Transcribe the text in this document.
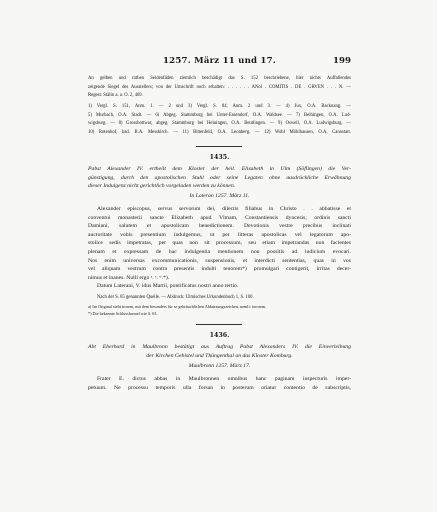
1257. März 11 und 17.	199

An gelben und rothen Seidenfäden ziemlich beschädigt das S. 152 beschriebene, hier nichts Auffallendes

zeigende Siegel des Ausstellers; von der Umschrift noch erhalten: . . . . . . ANol . COMITIS . DE . GRVEN . . . N. —

Regest: Stälin a. a. O. 2, 469.

1) Vergl. S. 151, Anm. 1. — 2 und 3) Vergl. S. 84, Anm. 2 und 3. — 4) Jux, O.A. Backnang. —

5) Murbach, O.A. Stadt. — 6) Abgeg. Stammburg bei Unter-Essendorf, O.A. Waldsee. — 7) Beihingen, O.A. Lud-

wigsburg. — 8) Grossbottwar, abgeg. Stammburg bei Heiningen, O.A. Beutlingen. — 9) Oswell, O.A. Ludwigsburg. —

10) Rotenhof, bad. B.A. Messkirch. — 11) Bittenfeld, O.A. Leonberg. — 12) Wohl Möhlhausen, O.A. Cannstatt.

1435.

Pabst Alexander IV. ertheilt dem Kloster der heil. Elisabeth in Ulm (Söflingen) die Ver-

günstigung, durch den apostolischen Stuhl oder seine Legaten ohne ausdrückliche Erwähnung

dieser Indulgenz nicht gerichtlich vorgeladen werden zu können.

In Lateran 1257. März 11.

Alexander episcopus, servus servorum dei, dilectis filiabus in Christo . . abbatisse et

conventui monasterii sancte Elizabeth apud Vlmam, Constantiensis dyocesis, ordinis sancti

Damiani, salutem et apostolicam benedictionem. Devotionis vestre precibus inclinati

auctoritate vobis presentium indulgemus, ut per litteras apostolicas vel legatorum apo-

stolice sedis impetratas, per quas non sit processum, seu etiam impetrandas non facientes

plenam et expressam de hac indulgentia mentionem non possitis ad iudicium evocari.

Nos enim universas excommunicationis, suspensionis, et interdicti sententias, quas in vos

vel aliquam vestrum contra presentis indulti tenorem*) promulgari contigerit, irritas decer-

nimus et inanes. Nulli ergo ᵃ. ˢ. ʷ.*).

Datum Laterani, V. idus Martii, pontificatus nostri anno tertio.

Nach der S. 85 genannten Quelle. — Abdruck: Ulmisches Urkundenbuch 1, S. 100.

a) Im Original steht trorem, mit dem besonders für se gebräuchlichen Abkürzungszeichen, nemli: tororem.

*) Die bekannte Schlussformel wie S. 63.

1436.

Abt Eberhard in Maulbronn bestätigt aus Auftrag Pabst Alexanders IV. die Einverleibung

der Kirchen Gebistel und Thüngenthal an das Kloster Komburg.

Maulbronn 1257. März 17.

Frater E. dictus abbas in Maulbronnen omnibus hanc paginam inspecturis imper-

petuum. Ne processu temporis ulla forsan in posterum oriatur contentio de subscriptis,
